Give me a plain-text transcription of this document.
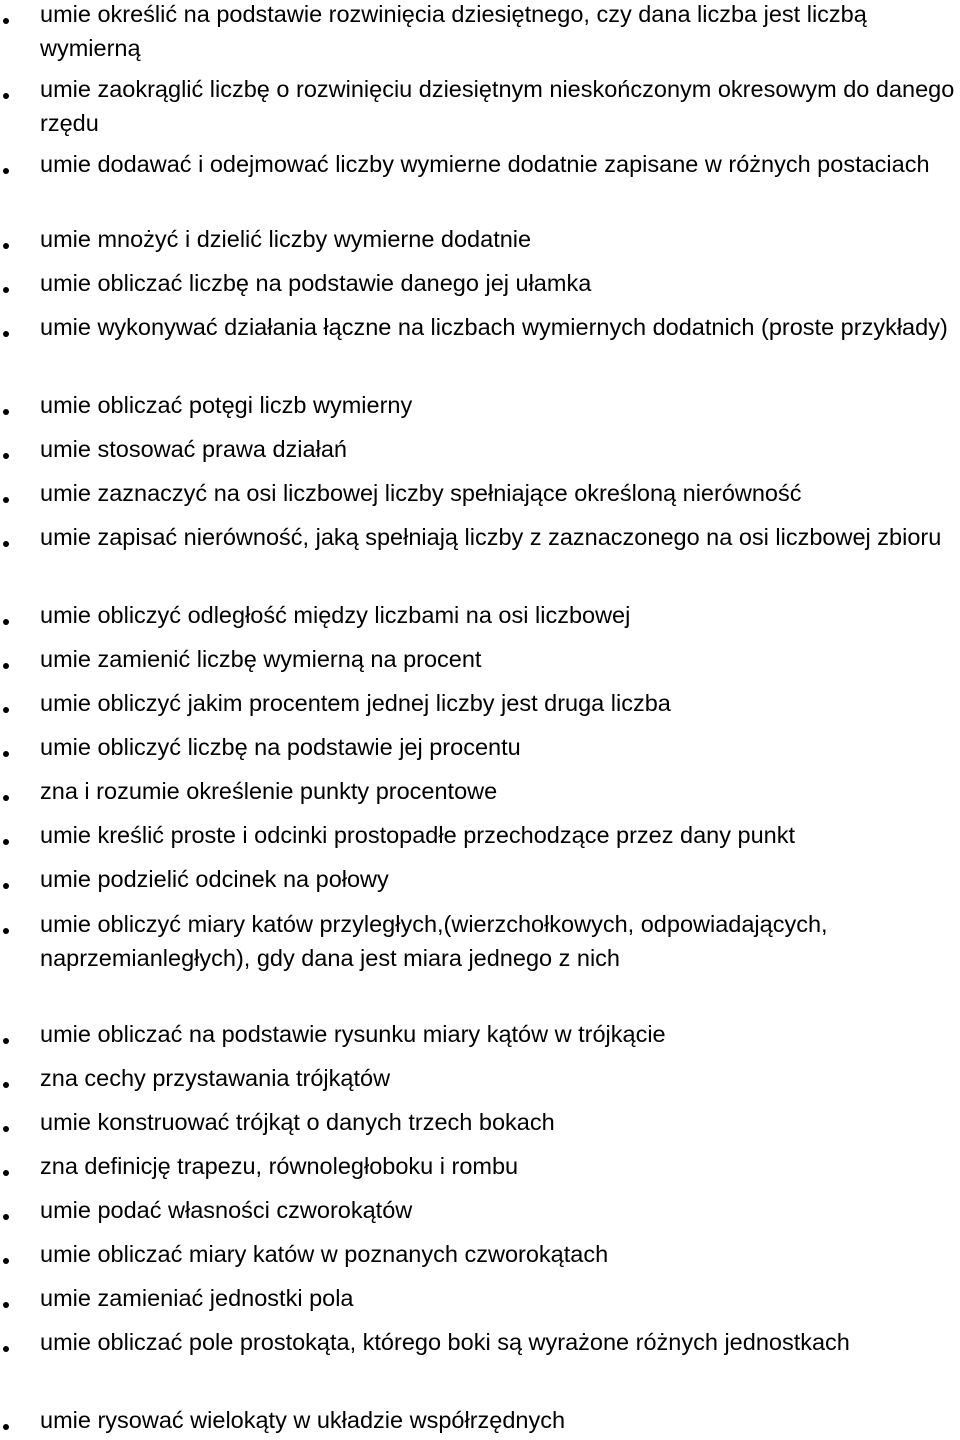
umie określić na podstawie rozwinięcia dziesiętnego, czy dana liczba jest liczbą wymierną
umie zaokrąglić liczbę o rozwinięciu dziesiętnym nieskończonym okresowym do danego rzędu
umie dodawać i odejmować liczby wymierne dodatnie zapisane w różnych postaciach
umie mnożyć i dzielić liczby wymierne dodatnie
umie obliczać liczbę na podstawie danego jej ułamka
umie wykonywać działania łączne na liczbach wymiernych dodatnich (proste przykłady)
umie obliczać potęgi liczb wymierny
umie stosować prawa działań
umie zaznaczyć na osi liczbowej liczby spełniające określoną nierówność
umie zapisać nierówność, jaką spełniają liczby z zaznaczonego na osi liczbowej zbioru
umie obliczyć odległość między liczbami na osi liczbowej
umie zamienić liczbę wymierną na procent
umie obliczyć jakim procentem jednej liczby jest druga liczba
umie obliczyć liczbę na podstawie jej procentu
zna i rozumie określenie punkty procentowe
umie kreślić proste i odcinki prostopadłe przechodzące przez dany punkt
umie podzielić odcinek na połowy
umie obliczyć miary katów przyległych,(wierzchołkowych, odpowiadających, naprzemianległych), gdy dana jest miara jednego z nich
umie obliczać na podstawie rysunku miary kątów w trójkącie
zna cechy przystawania trójkątów
umie konstruować trójkąt o danych trzech bokach
zna definicję trapezu, równoległoboku i rombu
umie podać własności czworokątów
umie obliczać miary katów w poznanych czworokątach
umie zamieniać jednostki pola
umie obliczać pole prostokąta, którego boki są wyrażone różnych jednostkach
umie rysować wielokąty w układzie współrzędnych
